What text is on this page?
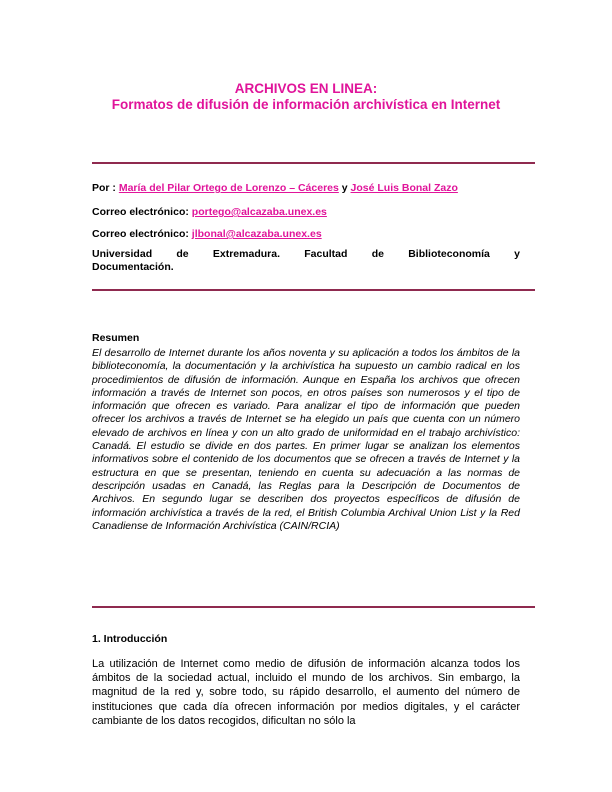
ARCHIVOS EN LINEA:
Formatos de difusión de información archivística en Internet
Por : María del Pilar Ortego de Lorenzo – Cáceres y José Luis Bonal Zazo
Correo electrónico: portego@alcazaba.unex.es
Correo electrónico: jlbonal@alcazaba.unex.es
Universidad de Extremadura. Facultad de Biblioteconomía y
Documentación.
Resumen
El desarrollo de Internet durante los años noventa y su aplicación a todos los ámbitos de la biblioteconomía, la documentación y la archivística ha supuesto un cambio radical en los procedimientos de difusión de información. Aunque en España los archivos que ofrecen información a través de Internet son pocos, en otros países son numerosos y el tipo de información que ofrecen es variado. Para analizar el tipo de información que pueden ofrecer los archivos a través de Internet se ha elegido un país que cuenta con un número elevado de archivos en línea y con un alto grado de uniformidad en el trabajo archivístico: Canadá. El estudio se divide en dos partes. En primer lugar se analizan los elementos informativos sobre el contenido de los documentos que se ofrecen a través de Internet y la estructura en que se presentan, teniendo en cuenta su adecuación a las normas de descripción usadas en Canadá, las Reglas para la Descripción de Documentos de Archivos. En segundo lugar se describen dos proyectos específicos de difusión de información archivística a través de la red, el British Columbia Archival Union List y la Red Canadiense de Información Archivística (CAIN/RCIA)
1. Introducción
La utilización de Internet como medio de difusión de información alcanza todos los ámbitos de la sociedad actual, incluido el mundo de los archivos. Sin embargo, la magnitud de la red y, sobre todo, su rápido desarrollo, el aumento del número de instituciones que cada día ofrecen información por medios digitales, y el carácter cambiante de los datos recogidos, dificultan no sólo la
